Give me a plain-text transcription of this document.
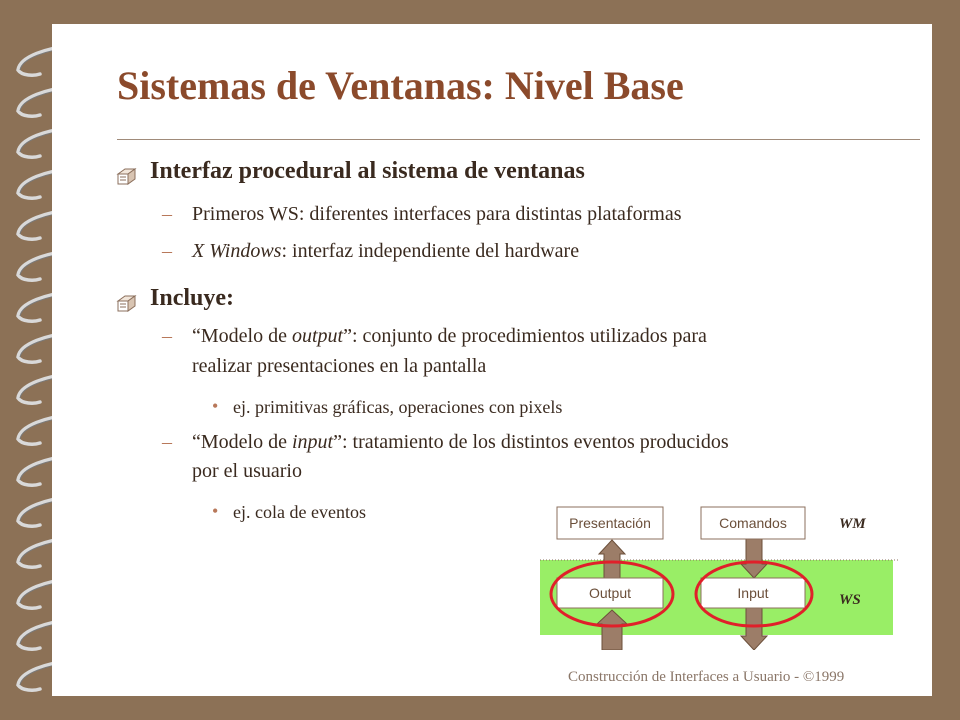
Sistemas de Ventanas: Nivel Base
Interfaz procedural al sistema de ventanas
– Primeros WS: diferentes interfaces para distintas plataformas
– X Windows: interfaz independiente del hardware
Incluye:
– “Modelo de output”: conjunto de procedimientos utilizados para
realizar presentaciones en la pantalla
• ej. primitivas gráficas, operaciones con pixels
– “Modelo de input”: tratamiento de los distintos eventos producidos
por el usuario
• ej. cola de eventos
Presentación	Comandos
Output	Input
WM
WS
Construcción de Interfaces a Usuario - ©1999
